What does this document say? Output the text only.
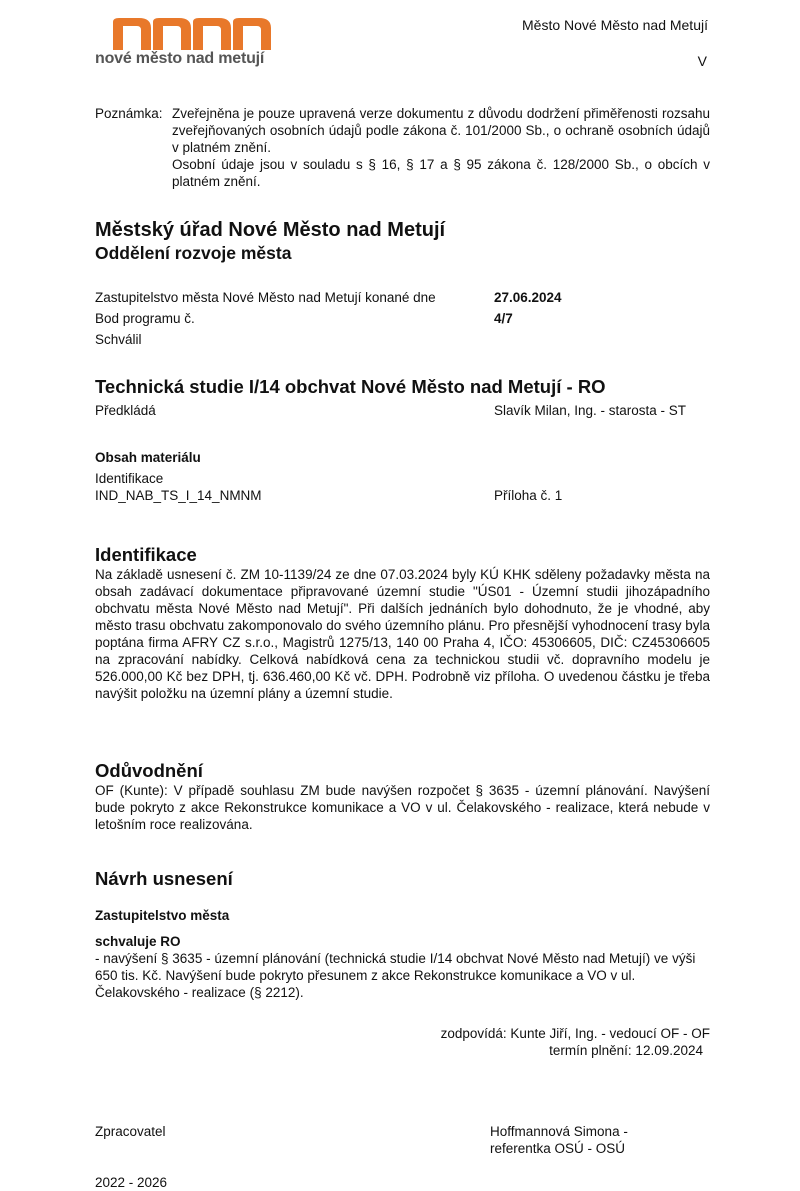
nové město nad metují
Město Nové Město nad Metují
V
Poznámka: Zveřejněna je pouze upravená verze dokumentu z důvodu dodržení přiměřenosti rozsahu zveřejňovaných osobních údajů podle zákona č. 101/2000 Sb., o ochraně osobních údajů v platném znění.

Osobní údaje jsou v souladu s § 16, § 17 a § 95 zákona č. 128/2000 Sb., o obcích v platném znění.

Městský úřad Nové Město nad Metují
Oddělení rozvoje města
Zastupitelstvo města Nové Město nad Metují konané dne	27.06.2024
Bod programu č.	4/7
Schválil
Technická studie I/14 obchvat Nové Město nad Metují - RO
Předkládá	Slavík Milan, Ing. - starosta - ST
Obsah materiálu
Identifikace
IND_NAB_TS_I_14_NMNM	Příloha č. 1
Identifikace
Na základě usnesení č. ZM 10-1139/24 ze dne 07.03.2024 byly KÚ KHK sděleny požadavky města na obsah zadávací dokumentace připravované územní studie "ÚS01 - Územní studii jihozápadního obchvatu města Nové Město nad Metují". Při dalších jednáních bylo dohodnuto, že je vhodné, aby město trasu obchvatu zakomponovalo do svého územního plánu. Pro přesnější vyhodnocení trasy byla poptána firma AFRY CZ s.r.o., Magistrů 1275/13, 140 00 Praha 4, IČO: 45306605, DIČ: CZ45306605 na zpracování nabídky. Celková nabídková cena za technickou studii vč. dopravního modelu je 526.000,00 Kč bez DPH, tj. 636.460,00 Kč vč. DPH. Podrobně viz příloha. O uvedenou částku je třeba navýšit položku na územní plány a územní studie.
Odůvodnění
OF (Kunte): V případě souhlasu ZM bude navýšen rozpočet § 3635 - územní plánování. Navýšení bude pokryto z akce Rekonstrukce komunikace a VO v ul. Čelakovského - realizace, která nebude v letošním roce realizována.
Návrh usnesení
Zastupitelstvo města
schvaluje RO
- navýšení § 3635 - územní plánování (technická studie I/14 obchvat Nové Město nad Metují) ve výši 650 tis. Kč. Navýšení bude pokryto přesunem z akce Rekonstrukce komunikace a VO v ul. Čelakovského - realizace (§ 2212).
zodpovídá: Kunte Jiří, Ing. - vedoucí OF - OF
termín plnění: 12.09.2024
Zpracovatel	Hoffmannová Simona -
referentka OSÚ - OSÚ
2022 - 2026
